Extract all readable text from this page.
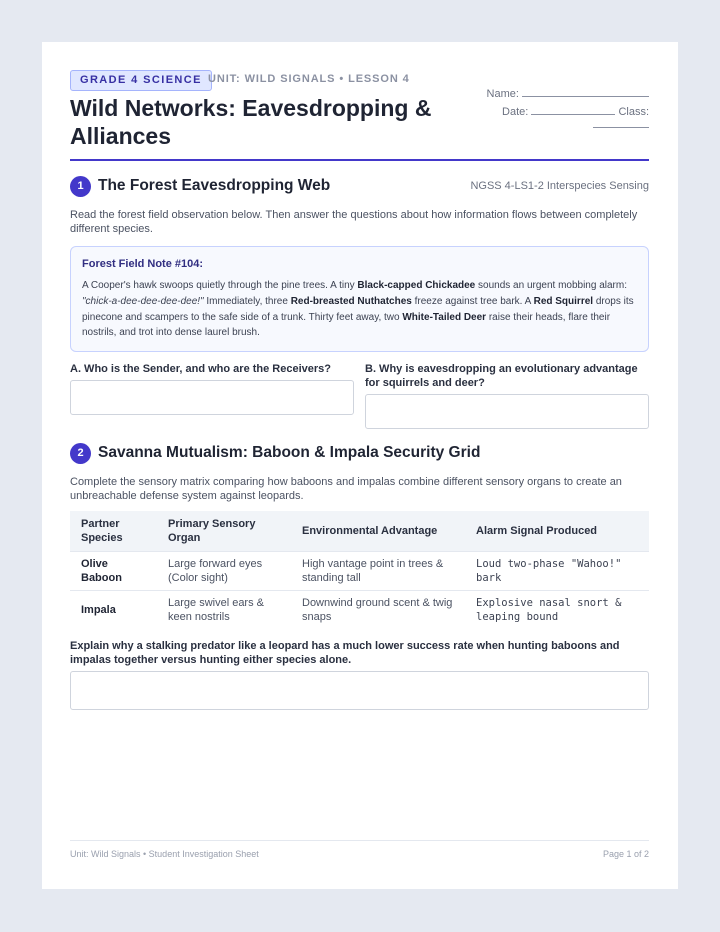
GRADE 4 SCIENCE UNIT: WILD SIGNALS • LESSON 4
Wild Networks: Eavesdropping & Alliances
Name:
Date:	Class:
1 The Forest Eavesdropping Web	NGSS 4-LS1-2 Interspecies Sensing

Read the forest field observation below. Then answer the questions about how information flows between completely different species.

Forest Field Note #104:

A Cooper's hawk swoops quietly through the pine trees. A tiny Black-capped Chickadee sounds an urgent mobbing alarm: "chick-a-dee-dee-dee-dee!" Immediately, three Red-breasted Nuthatches freeze against tree bark. A Red Squirrel drops its pinecone and scampers to the safe side of a trunk. Thirty feet away, two White-Tailed Deer raise their heads, flare their nostrils, and trot into dense laurel brush.

A. Who is the Sender, and who are the Receivers?	B. Why is eavesdropping an evolutionary advantage for squirrels and deer?
2 Savanna Mutualism: Baboon & Impala Security Grid

Complete the sensory matrix comparing how baboons and impalas combine different sensory organs to create an unbreachable defense system against leopards.

Partner Species	Primary Sensory Organ	Environmental Advantage	Alarm Signal Produced
Olive Baboon	Large forward eyes (Color sight)	High vantage point in trees & standing tall	Loud two-phase "Wahoo!" bark
Impala	Large swivel ears & keen nostrils	Downwind ground scent & twig snaps	Explosive nasal snort & leaping bound
Explain why a stalking predator like a leopard has a much lower success rate when hunting baboons and impalas together versus hunting either species alone.
Unit: Wild Signals • Student Investigation Sheet	Page 1 of 2
